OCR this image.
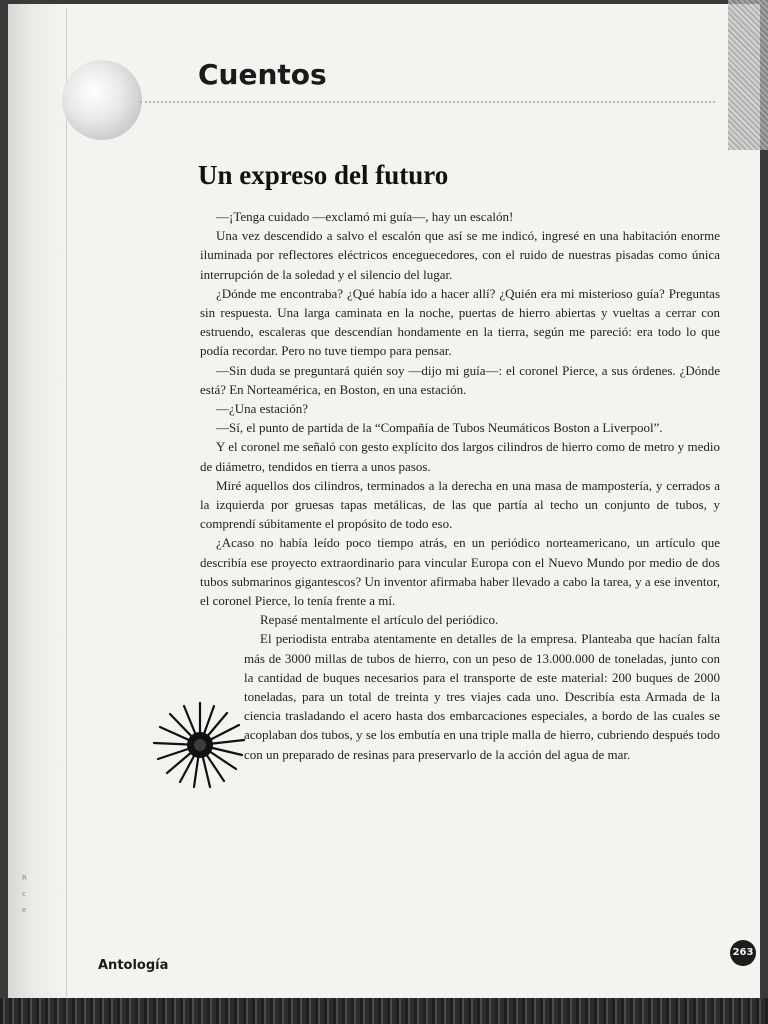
Cuentos
Un expreso del futuro

—¡Tenga cuidado —exclamó mi guía—, hay un escalón!

Una vez descendido a salvo el escalón que así se me indicó, ingresé en una habitación enorme iluminada por reflectores eléctricos enceguecedores, con el ruido de nuestras pisadas como única interrupción de la soledad y el silencio del lugar.

¿Dónde me encontraba? ¿Qué había ido a hacer allí? ¿Quién era mi misterioso guía? Preguntas sin respuesta. Una larga caminata en la noche, puertas de hierro abiertas y vueltas a cerrar con estruendo, escaleras que descendían hondamente en la tierra, según me pareció: era todo lo que podía recordar. Pero no tuve tiempo para pensar.

—Sin duda se preguntará quién soy —dijo mi guía—: el coronel Pierce, a sus órdenes. ¿Dónde está? En Norteamérica, en Boston, en una estación.

—¿Una estación?

—Sí, el punto de partida de la “Compañía de Tubos Neumáticos Boston a Liverpool”.

Y el coronel me señaló con gesto explícito dos largos cilindros de hierro como de metro y medio de diámetro, tendidos en tierra a unos pasos.

Miré aquellos dos cilindros, terminados a la derecha en una masa de mampostería, y cerrados a la izquierda por gruesas tapas metálicas, de las que partía al techo un conjunto de tubos, y comprendí súbitamente el propósito de todo eso.

¿Acaso no había leído poco tiempo atrás, en un periódico norteamericano, un artículo que describía ese proyecto extraordinario para vincular Europa con el Nuevo Mundo por medio de dos tubos submarinos gigantescos? Un inventor afirmaba haber llevado a cabo la tarea, y a ese inventor, el coronel Pierce, lo tenía frente a mí.

Repasé mentalmente el artículo del periódico.

El periodista entraba atentamente en detalles de la empresa. Planteaba que hacían falta más de 3000 millas de tubos de hierro, con un peso de 13.000.000 de toneladas, junto con la cantidad de buques necesarios para el transporte de este material: 200 buques de 2000 toneladas, para un total de treinta y tres viajes cada uno. Describía esta Armada de la ciencia trasladando el acero hasta dos embarcaciones especiales, a bordo de las cuales se acoplaban dos tubos, y se los embutía en una triple malla de hierro, cubriendo después todo con un preparado de resinas para preservarlo de la acción del agua de mar.

R
c
e
Antología
263
